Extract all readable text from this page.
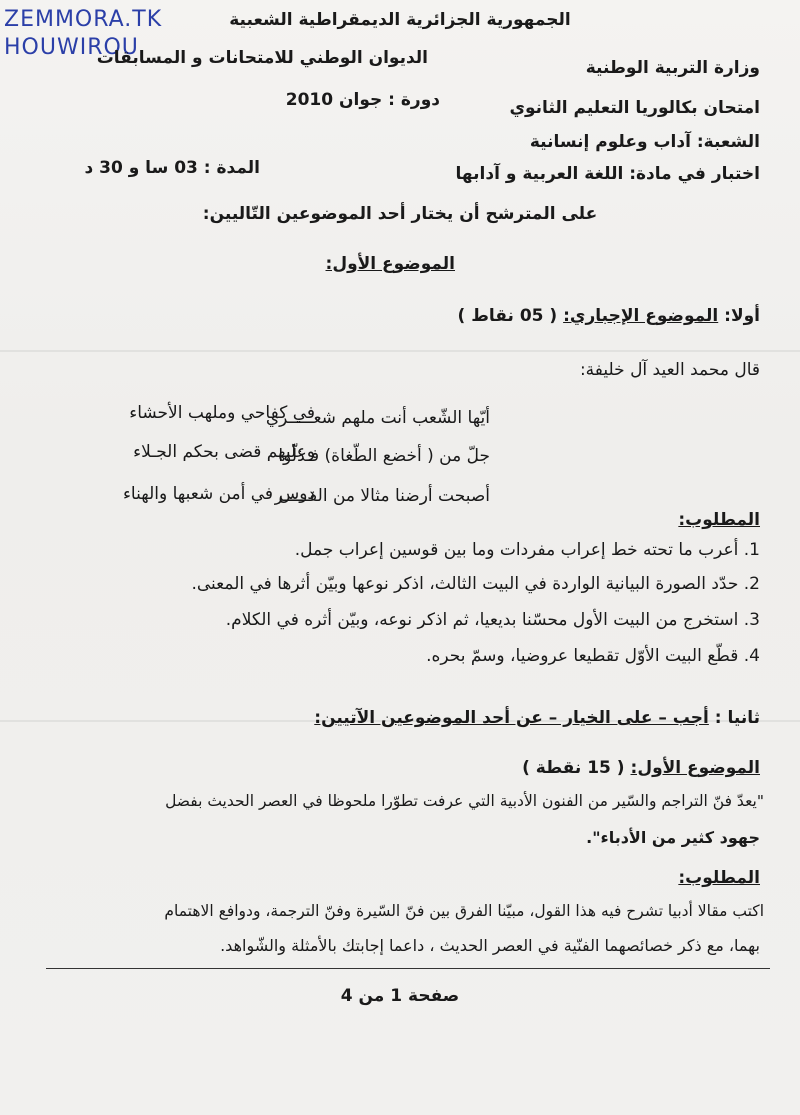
ZEMMORA.TK
HOUWIROU
الجمهورية الجزائرية الديمقراطية الشعبية
وزارة التربية الوطنية
الديوان الوطني للامتحانات و المسابقات
دورة : جوان 2010	امتحان بكالوريا التعليم الثانوي
الشعبة: آداب وعلوم إنسانية
اختبار في مادة: اللغة العربية و آدابها
المدة : 03 سا و 30 د
على المترشح أن يختار أحد الموضوعين التّاليين:
الموضوع الأول:
أولا: الموضوع الإجباري: ( 05 نقاط )
قال محمد العيد آل خليفة:
أيّها الشّعب أنت ملهم شعـــــري
في كفاحي وملهب الأحشاء
جلّ من ( أخضع الطّغاة) فـذلّوا
وعليهم قضى بحكم الجـلاء
أصبحت أرضنا مثالا من الفـــــر
دوس في أمن شعبها والهناء
المطلوب:
1. أعرب ما تحته خط إعراب مفردات وما بين قوسين إعراب جمل.
2. حدّد الصورة البيانية الواردة في البيت الثالث، اذكر نوعها وبيّن أثرها في المعنى.
3. استخرج من البيت الأول محسّنا بديعيا، ثم اذكر نوعه، وبيّن أثره في الكلام.
4. قطّع البيت الأوّل تقطيعا عروضيا، وسمّ بحره.
ثانيا : أجب – على الخيار – عن أحد الموضوعين الآتيين:
الموضوع الأول: ( 15 نقطة )
"يعدّ فنّ التراجم والسّير من الفنون الأدبية التي عرفت تطوّرا ملحوظا في العصر الحديث بفضل
جهود كثير من الأدباء".
المطلوب:
اكتب مقالا أدبيا تشرح فيه هذا القول، مبيّنا الفرق بين فنّ السّيرة وفنّ الترجمة، ودوافع الاهتمام
بهما، مع ذكر خصائصهما الفنّية في العصر الحديث ، داعما إجابتك بالأمثلة والشّواهد.
صفحة 1 من 4
